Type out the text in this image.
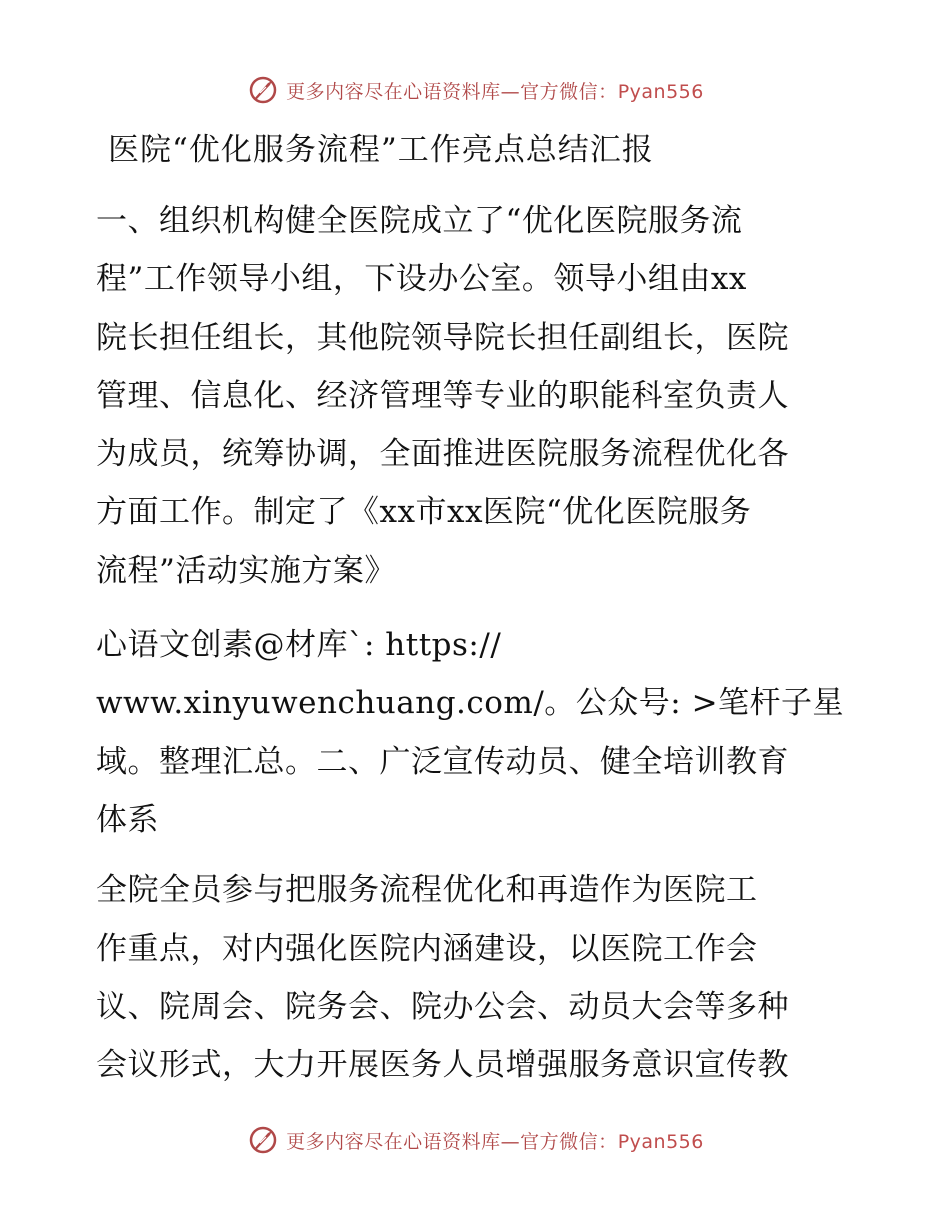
更多内容尽在心语资料库—官方微信：Pyan556
医院“优化服务流程”工作亮点总结汇报
一、组织机构健全医院成立了“优化医院服务流
程”工作领导小组，下设办公室。领导小组由xx
院长担任组长，其他院领导院长担任副组长，医院
管理、信息化、经济管理等专业的职能科室负责人
为成员，统筹协调，全面推进医院服务流程优化各
方面工作。制定了《xx市xx医院“优化医院服务
流程”活动实施方案》
心语文创素@材库`: https://
www.xinyuwenchuang.com/。公众号: >笔杆子星
域。整理汇总。二、广泛宣传动员、健全培训教育
体系
全院全员参与把服务流程优化和再造作为医院工
作重点，对内强化医院内涵建设，以医院工作会
议、院周会、院务会、院办公会、动员大会等多种
会议形式，大力开展医务人员增强服务意识宣传教
更多内容尽在心语资料库—官方微信：Pyan556
